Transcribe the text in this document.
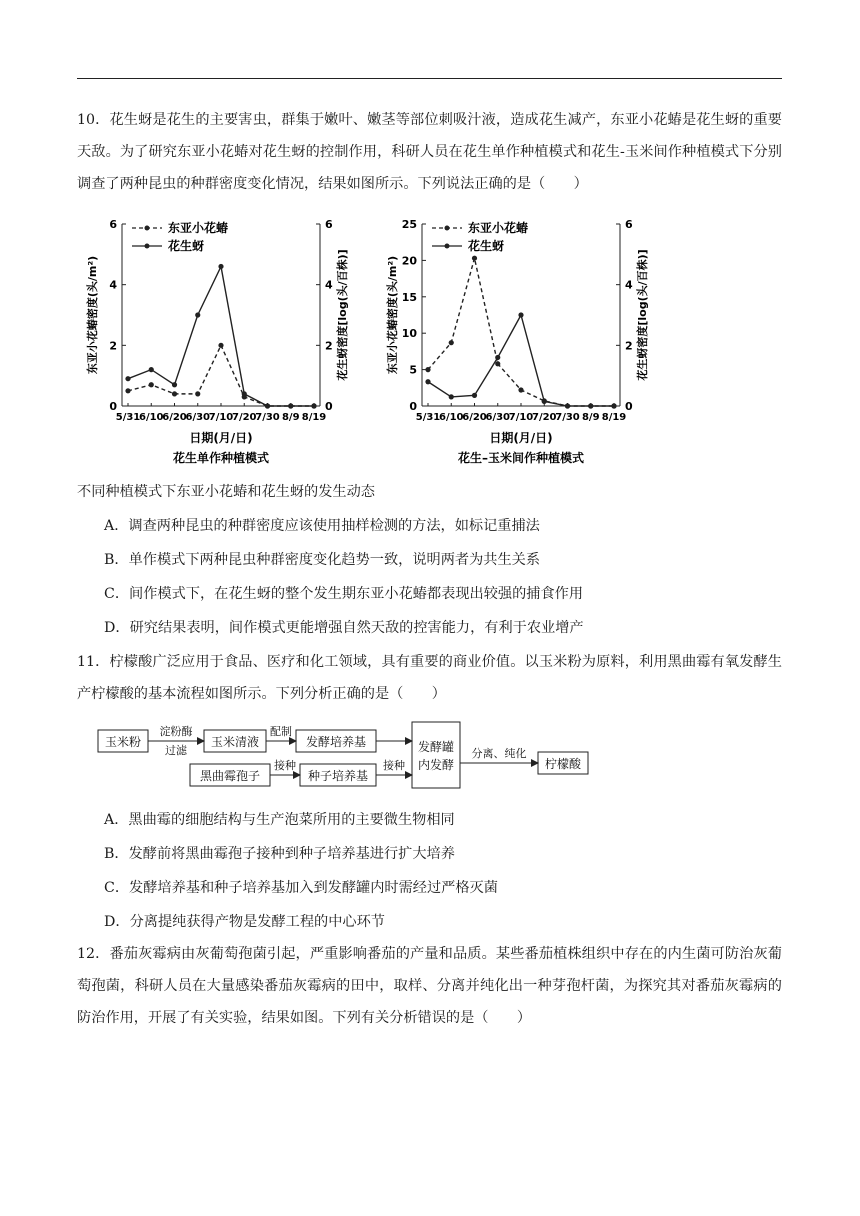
10．花生蚜是花生的主要害虫，群集于嫩叶、嫩茎等部位刺吸汁液，造成花生减产，东亚小花蝽是花生蚜的重要天敌。为了研究东亚小花蝽对花生蚜的控制作用，科研人员在花生单作种植模式和花生-玉米间作种植模式下分别调查了两种昆虫的种群密度变化情况，结果如图所示。下列说法正确的是（　　）
0
2
4
6
0
2
4
6
5/31
6/10
6/20
6/30
7/10
7/20
7/30 8/9 8/19
日期(月/日)
花生单作种植模式
东亚小花蝽密度(头/m²)	花生蚜密度[log(头/百株)]
东亚小花蝽
花生蚜
0
5
10
15
20
25
0
2
4
6
5/31
6/10
6/20
6/30
7/10
7/20
7/30 8/9 8/19
日期(月/日)
花生–玉米间作种植模式
东亚小花蝽密度(头/m²)	花生蚜密度[log(头/百株)]
东亚小花蝽
花生蚜
不同种植模式下东亚小花蝽和花生蚜的发生动态
A．调查两种昆虫的种群密度应该使用抽样检测的方法，如标记重捕法
B．单作模式下两种昆虫种群密度变化趋势一致，说明两者为共生关系
C．间作模式下，在花生蚜的整个发生期东亚小花蝽都表现出较强的捕食作用
D．研究结果表明，间作模式更能增强自然天敌的控害能力，有利于农业增产
11．柠檬酸广泛应用于食品、医疗和化工领域，具有重要的商业价值。以玉米粉为原料，利用黑曲霉有氧发酵生产柠檬酸的基本流程如图所示。下列分析正确的是（　　）
玉米粉
淀粉酶
过滤
玉米清液
配制
发酵培养基
黑曲霉孢子
接种
种子培养基
接种
发酵罐
内发酵
分离、纯化
柠檬酸
A．黑曲霉的细胞结构与生产泡菜所用的主要微生物相同
B．发酵前将黑曲霉孢子接种到种子培养基进行扩大培养
C．发酵培养基和种子培养基加入到发酵罐内时需经过严格灭菌
D．分离提纯获得产物是发酵工程的中心环节
12．番茄灰霉病由灰葡萄孢菌引起，严重影响番茄的产量和品质。某些番茄植株组织中存在的内生菌可防治灰葡萄孢菌，科研人员在大量感染番茄灰霉病的田中，取样、分离并纯化出一种芽孢杆菌，为探究其对番茄灰霉病的防治作用，开展了有关实验，结果如图。下列有关分析错误的是（　　）
